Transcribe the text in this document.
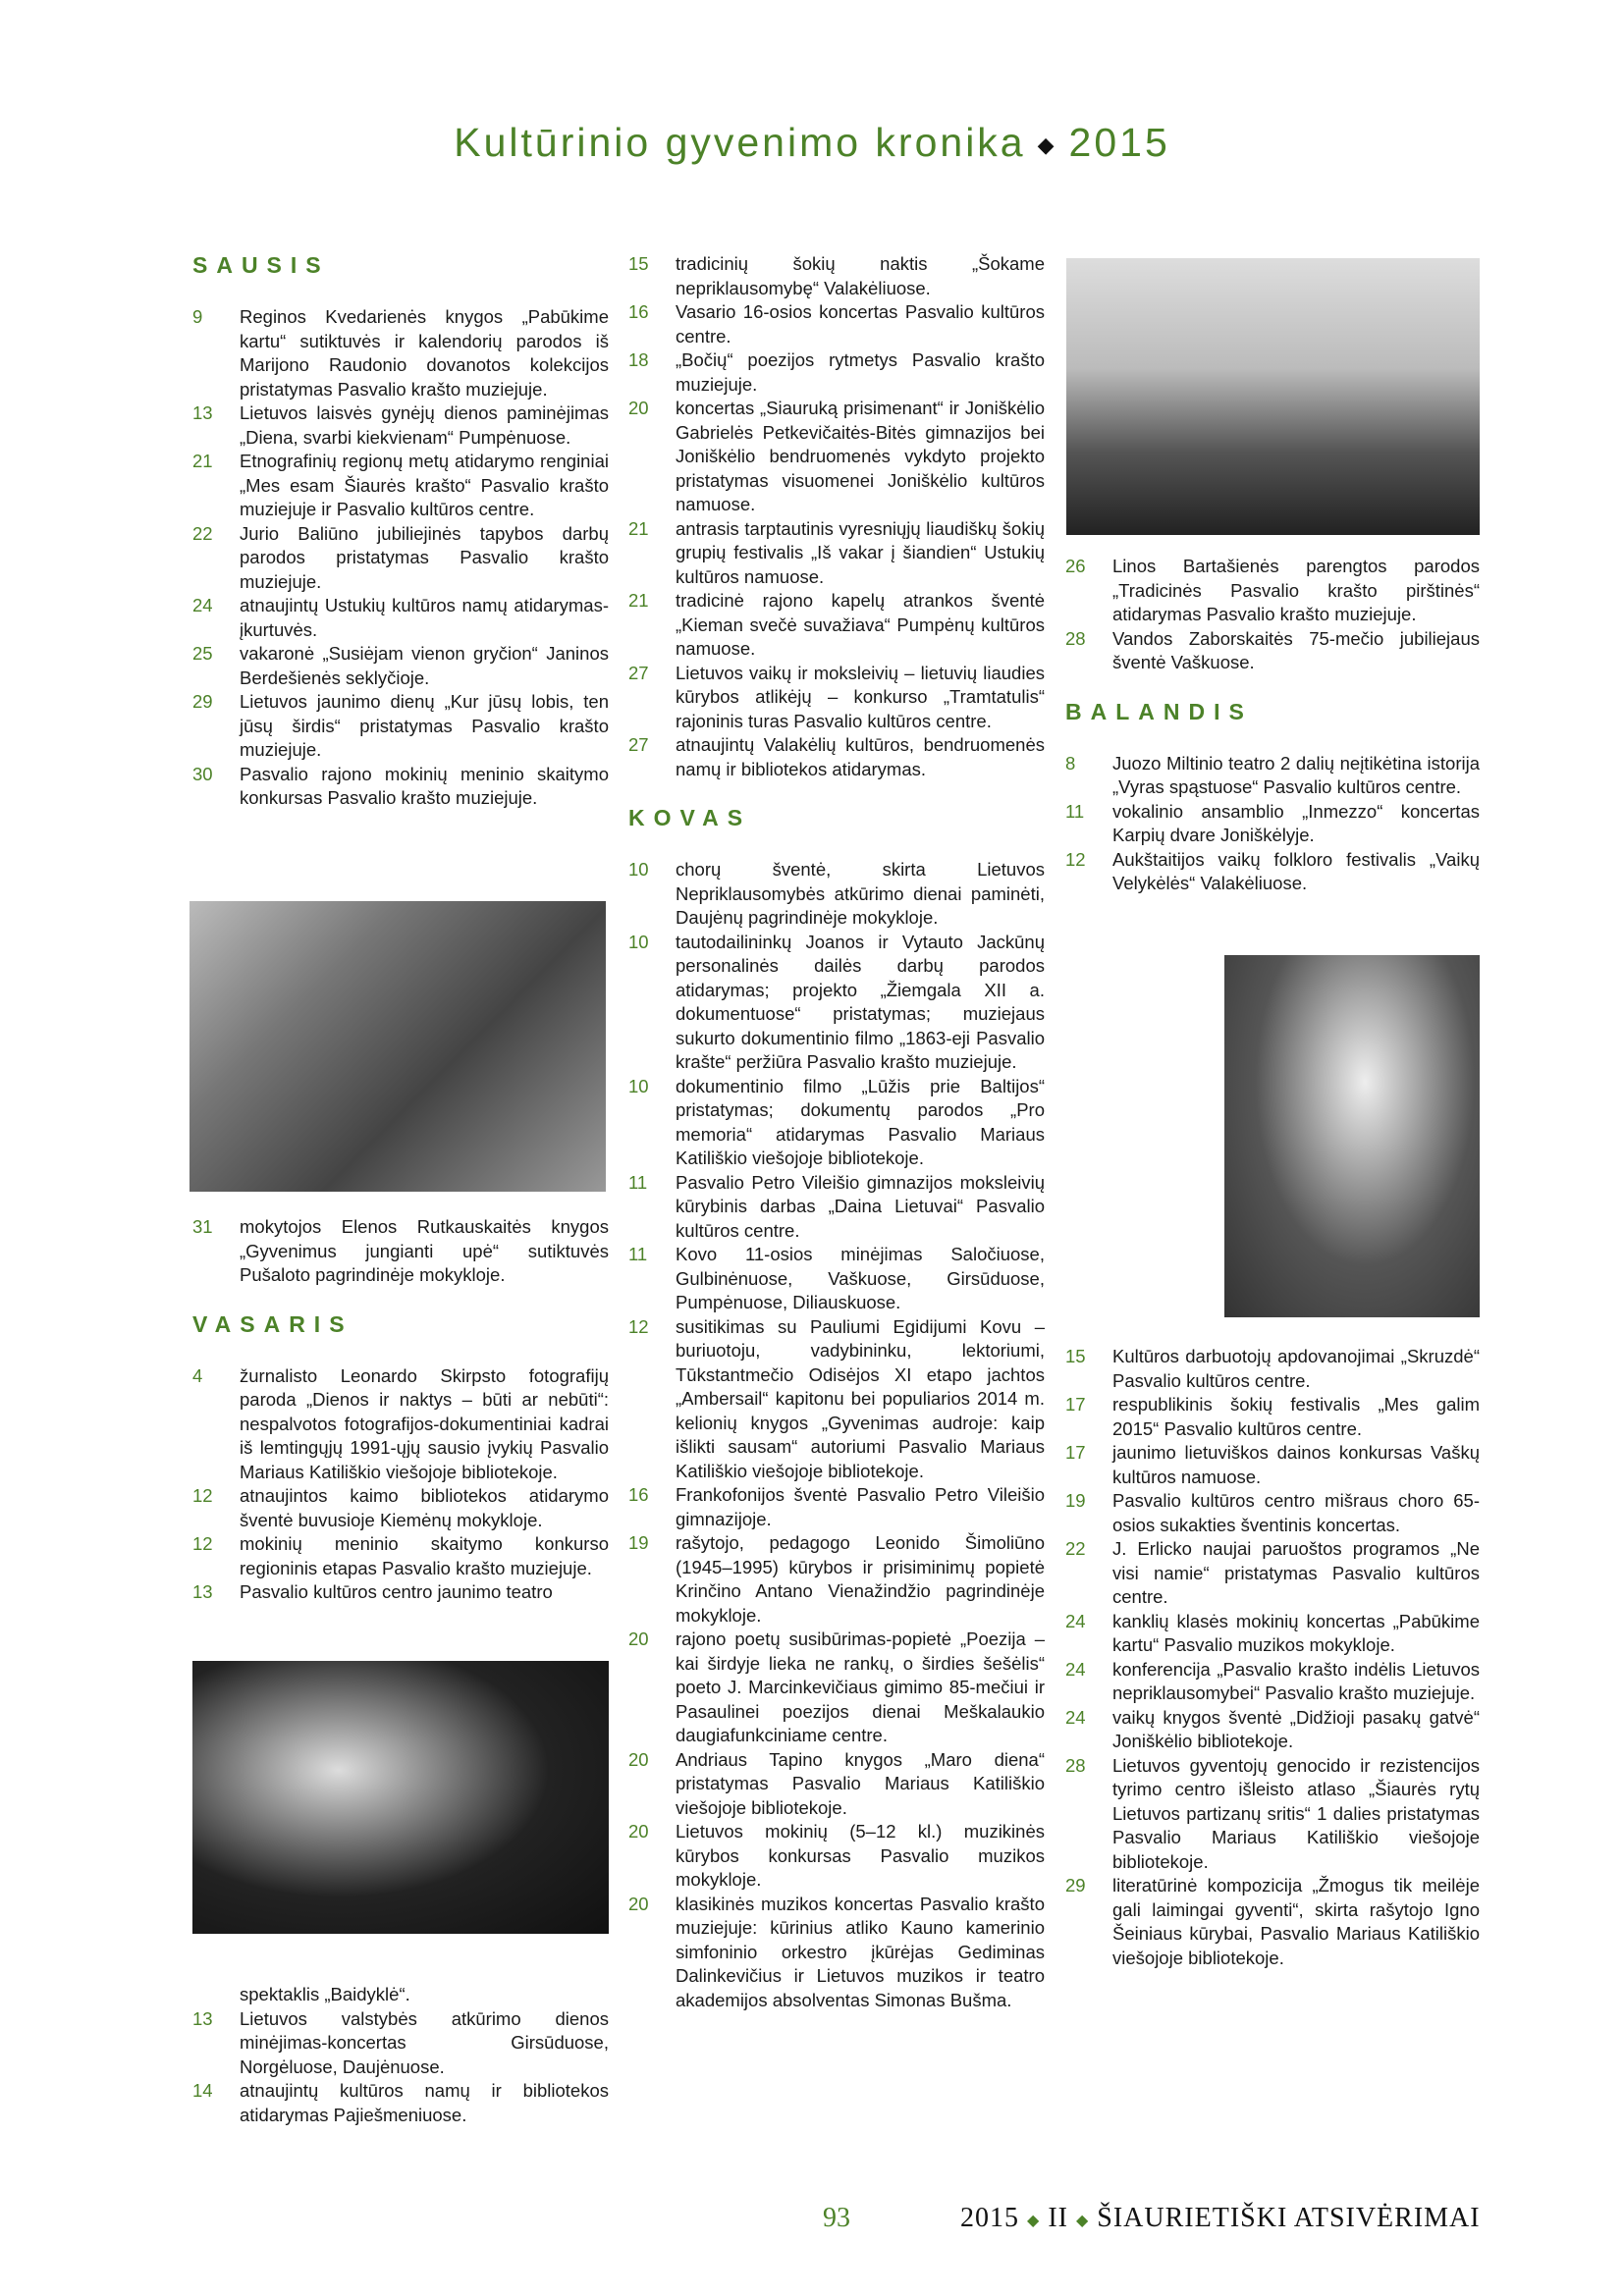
Kultūrinio gyvenimo kronika ◆ 2015
SAUSIS
9	Reginos Kvedarienės knygos „Pabūkime kartu“ sutiktuvės ir kalendorių parodos iš Marijono Raudonio dovanotos kolekcijos pristatymas Pasvalio krašto muziejuje.
13	Lietuvos laisvės gynėjų dienos paminėjimas „Diena, svarbi kiekvienam“ Pumpėnuose.
21	Etnografinių regionų metų atidarymo renginiai „Mes esam Šiaurės krašto“ Pasvalio krašto muziejuje ir Pasvalio kultūros centre.
22	Jurio Baliūno jubiliejinės tapybos darbų parodos pristatymas Pasvalio krašto muziejuje.
24	atnaujintų Ustukių kultūros namų atidarymas-įkurtuvės.
25	vakaronė „Susiėjam vienon gryčion“ Janinos Berdešienės seklyčioje.
29	Lietuvos jaunimo dienų „Kur jūsų lobis, ten jūsų širdis“ pristatymas Pasvalio krašto muziejuje.
30	Pasvalio rajono mokinių meninio skaitymo konkursas Pasvalio krašto muziejuje.
31	mokytojos Elenos Rutkauskaitės knygos „Gyvenimus jungianti upė“ sutiktuvės Pušaloto pagrindinėje mokykloje.
VASARIS
4	žurnalisto Leonardo Skirpsto fotografijų paroda „Dienos ir naktys – būti ar nebūti“: nespalvotos fotografijos-dokumentiniai kadrai iš lemtingųjų 1991-ųjų sausio įvykių Pasvalio Mariaus Katiliškio viešojoje bibliotekoje.
12	atnaujintos kaimo bibliotekos atidarymo šventė buvusioje Kiemėnų mokykloje.
12	mokinių meninio skaitymo konkurso regioninis etapas Pasvalio krašto muziejuje.
13	Pasvalio kultūros centro jaunimo teatro
spektaklis „Baidyklė“.
13	Lietuvos valstybės atkūrimo dienos minėjimas-koncertas Girsūduose, Norgėluose, Daujėnuose.
14	atnaujintų kultūros namų ir bibliotekos atidarymas Pajiešmeniuose.
15	tradicinių šokių naktis „Šokame nepriklausomybę“ Valakėliuose.
16	Vasario 16-osios koncertas Pasvalio kultūros centre.
18	„Bočių“ poezijos rytmetys Pasvalio krašto muziejuje.
20	koncertas „Siauruką prisimenant“ ir Joniškėlio Gabrielės Petkevičaitės-Bitės gimnazijos bei Joniškėlio bendruomenės vykdyto projekto pristatymas visuomenei Joniškėlio kultūros namuose.
21	antrasis tarptautinis vyresniųjų liaudiškų šokių grupių festivalis „Iš vakar į šiandien“ Ustukių kultūros namuose.
21	tradicinė rajono kapelų atrankos šventė „Kieman svečė suvažiava“ Pumpėnų kultūros namuose.
27	Lietuvos vaikų ir moksleivių – lietuvių liaudies kūrybos atlikėjų – konkurso „Tramtatulis“ rajoninis turas Pasvalio kultūros centre.
27	atnaujintų Valakėlių kultūros, bendruomenės namų ir bibliotekos atidarymas.
KOVAS
10	chorų šventė, skirta Lietuvos Nepriklausomybės atkūrimo dienai paminėti, Daujėnų pagrindinėje mokykloje.
10	tautodailininkų Joanos ir Vytauto Jackūnų personalinės dailės darbų parodos atidarymas; projekto „Žiemgala XII a. dokumentuose“ pristatymas; muziejaus sukurto dokumentinio filmo „1863-eji Pasvalio krašte“ peržiūra Pasvalio krašto muziejuje.
10	dokumentinio filmo „Lūžis prie Baltijos“ pristatymas; dokumentų parodos „Pro memoria“ atidarymas Pasvalio Mariaus Katiliškio viešojoje bibliotekoje.
11	Pasvalio Petro Vileišio gimnazijos moksleivių kūrybinis darbas „Daina Lietuvai“ Pasvalio kultūros centre.
11	Kovo 11-osios minėjimas Saločiuose, Gulbinėnuose, Vaškuose, Girsūduose, Pumpėnuose, Diliauskuose.
12	susitikimas su Pauliumi Egidijumi Kovu – buriuotoju, vadybininku, lektoriumi, Tūkstantmečio Odisėjos XI etapo jachtos „Ambersail“ kapitonu bei populiarios 2014 m. kelionių knygos „Gyvenimas audroje: kaip išlikti sausam“ autoriumi Pasvalio Mariaus Katiliškio viešojoje bibliotekoje.
16	Frankofonijos šventė Pasvalio Petro Vileišio gimnazijoje.
19	rašytojo, pedagogo Leonido Šimoliūno (1945–1995) kūrybos ir prisiminimų popietė Krinčino Antano Vienažindžio pagrindinėje mokykloje.
20	rajono poetų susibūrimas-popietė „Poezija – kai širdyje lieka ne rankų, o širdies šešėlis“ poeto J. Marcinkevičiaus gimimo 85-mečiui ir Pasaulinei poezijos dienai Meškalaukio daugiafunkciniame centre.
20	Andriaus Tapino knygos „Maro diena“ pristatymas Pasvalio Mariaus Katiliškio viešojoje bibliotekoje.
20	Lietuvos mokinių (5–12 kl.) muzikinės kūrybos konkursas Pasvalio muzikos mokykloje.
20	klasikinės muzikos koncertas Pasvalio krašto muziejuje: kūrinius atliko Kauno kamerinio simfoninio orkestro įkūrėjas Gediminas Dalinkevičius ir Lietuvos muzikos ir teatro akademijos absolventas Simonas Bušma.
26	Linos Bartašienės parengtos parodos „Tradicinės Pasvalio krašto pirštinės“ atidarymas Pasvalio krašto muziejuje.
28	Vandos Zaborskaitės 75-mečio jubiliejaus šventė Vaškuose.
BALANDIS
8	Juozo Miltinio teatro 2 dalių neįtikėtina istorija „Vyras spąstuose“ Pasvalio kultūros centre.
11	vokalinio ansamblio „Inmezzo“ koncertas Karpių dvare Joniškėlyje.
12	Aukštaitijos vaikų folkloro festivalis „Vaikų Velykėlės“ Valakėliuose.
15	Kultūros darbuotojų apdovanojimai „Skruzdė“ Pasvalio kultūros centre.
17	respublikinis šokių festivalis „Mes galim 2015“ Pasvalio kultūros centre.
17	jaunimo lietuviškos dainos konkursas Vaškų kultūros namuose.
19	Pasvalio kultūros centro mišraus choro 65-osios sukakties šventinis koncertas.
22	J. Erlicko naujai paruoštos programos „Ne visi namie“ pristatymas Pasvalio kultūros centre.
24	kanklių klasės mokinių koncertas „Pabūkime kartu“ Pasvalio muzikos mokykloje.
24	konferencija „Pasvalio krašto indėlis Lietuvos nepriklausomybei“ Pasvalio krašto muziejuje.
24	vaikų knygos šventė „Didžioji pasakų gatvė“ Joniškėlio bibliotekoje.
28	Lietuvos gyventojų genocido ir rezistencijos tyrimo centro išleisto atlaso „Šiaurės rytų Lietuvos partizanų sritis“ 1 dalies pristatymas Pasvalio Mariaus Katiliškio viešojoje bibliotekoje.
29	literatūrinė kompozicija „Žmogus tik meilėje gali laimingai gyventi“, skirta rašytojo Igno Šeiniaus kūrybai, Pasvalio Mariaus Katiliškio viešojoje bibliotekoje.
93	2015 ◆ II ◆ ŠIAURIETIŠKI ATSIVĖRIMAI
